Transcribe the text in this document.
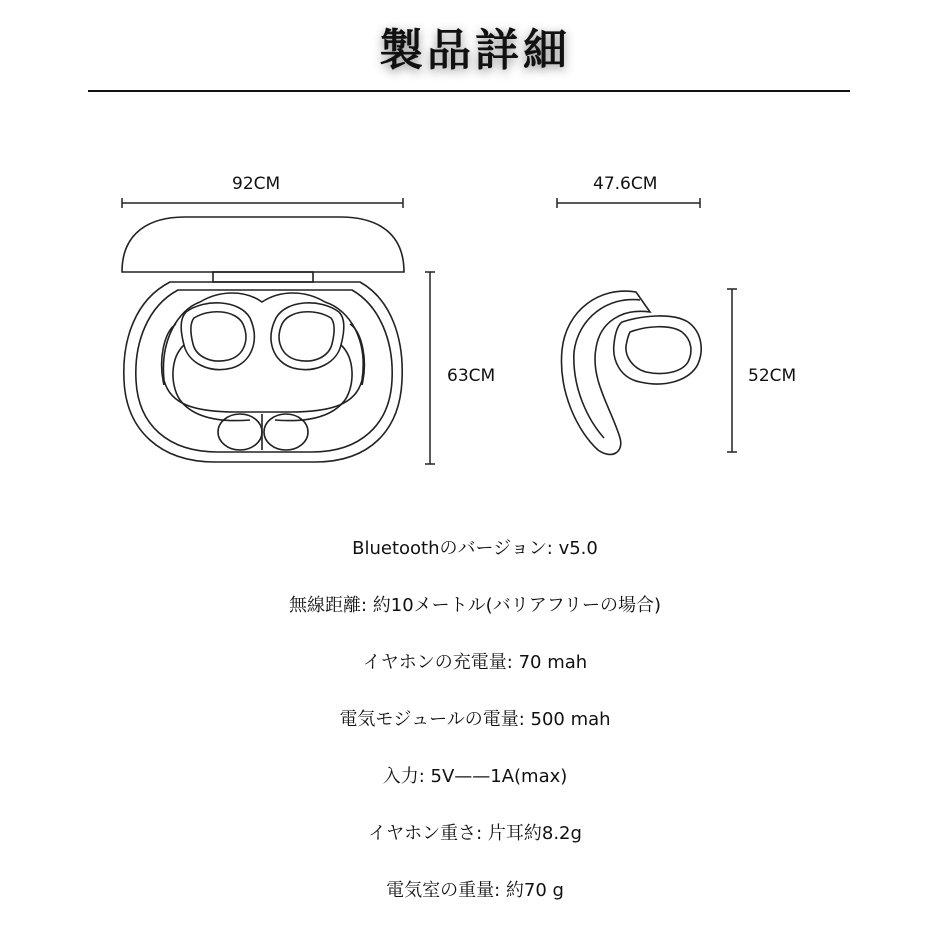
製品詳細
92CM
63CM
47.6CM
52CM
Bluetoothのバージョン: v5.0
無線距離: 約10メートル(バリアフリーの場合)
イヤホンの充電量: 70 mah
電気モジュールの電量: 500 mah
入力: 5V——1A(max)
イヤホン重さ: 片耳約8.2g
電気室の重量: 約70 g
